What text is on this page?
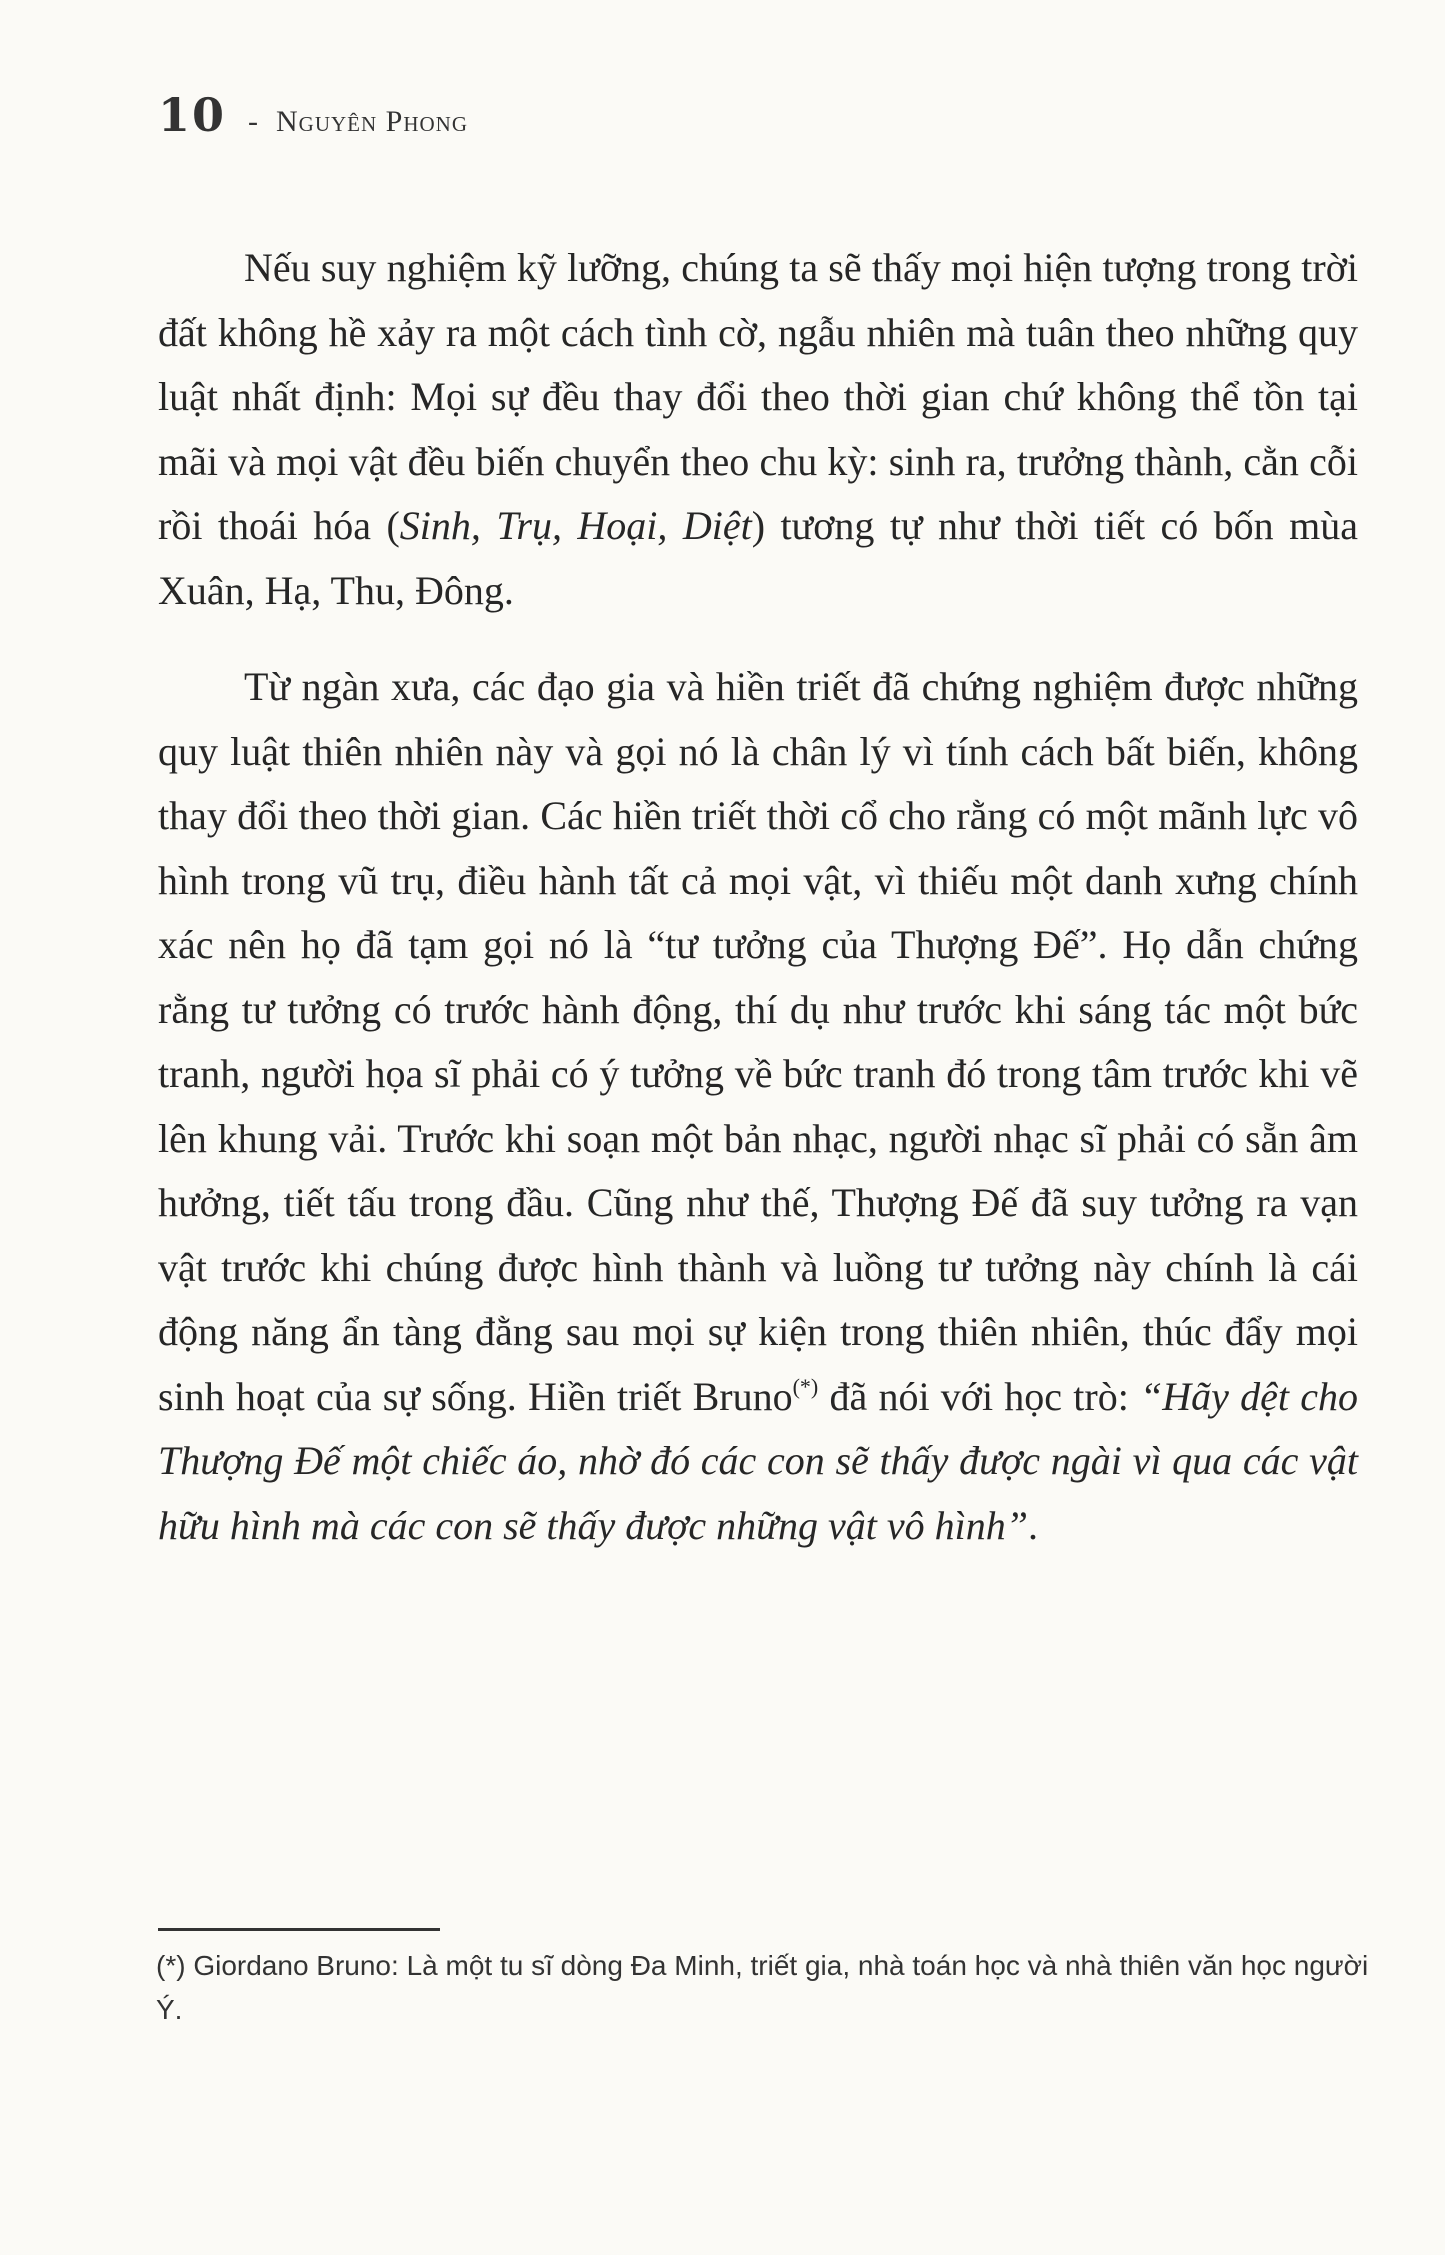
10 - Nguyên Phong

Nếu suy nghiệm kỹ lưỡng, chúng ta sẽ thấy mọi hiện tượng trong trời đất không hề xảy ra một cách tình cờ, ngẫu nhiên mà tuân theo những quy luật nhất định: Mọi sự đều thay đổi theo thời gian chứ không thể tồn tại mãi và mọi vật đều biến chuyển theo chu kỳ: sinh ra, trưởng thành, cằn cỗi rồi thoái hóa (Sinh, Trụ, Hoại, Diệt) tương tự như thời tiết có bốn mùa Xuân, Hạ, Thu, Đông.

Từ ngàn xưa, các đạo gia và hiền triết đã chứng nghiệm được những quy luật thiên nhiên này và gọi nó là chân lý vì tính cách bất biến, không thay đổi theo thời gian. Các hiền triết thời cổ cho rằng có một mãnh lực vô hình trong vũ trụ, điều hành tất cả mọi vật, vì thiếu một danh xưng chính xác nên họ đã tạm gọi nó là “tư tưởng của Thượng Đế”. Họ dẫn chứng rằng tư tưởng có trước hành động, thí dụ như trước khi sáng tác một bức tranh, người họa sĩ phải có ý tưởng về bức tranh đó trong tâm trước khi vẽ lên khung vải. Trước khi soạn một bản nhạc, người nhạc sĩ phải có sẵn âm hưởng, tiết tấu trong đầu. Cũng như thế, Thượng Đế đã suy tưởng ra vạn vật trước khi chúng được hình thành và luồng tư tưởng này chính là cái động năng ẩn tàng đằng sau mọi sự kiện trong thiên nhiên, thúc đẩy mọi sinh hoạt của sự sống. Hiền triết Bruno(*) đã nói với học trò: “Hãy dệt cho Thượng Đế một chiếc áo, nhờ đó các con sẽ thấy được ngài vì qua các vật hữu hình mà các con sẽ thấy được những vật vô hình”.

(*) Giordano Bruno: Là một tu sĩ dòng Đa Minh, triết gia, nhà toán học và nhà thiên văn học người Ý.
